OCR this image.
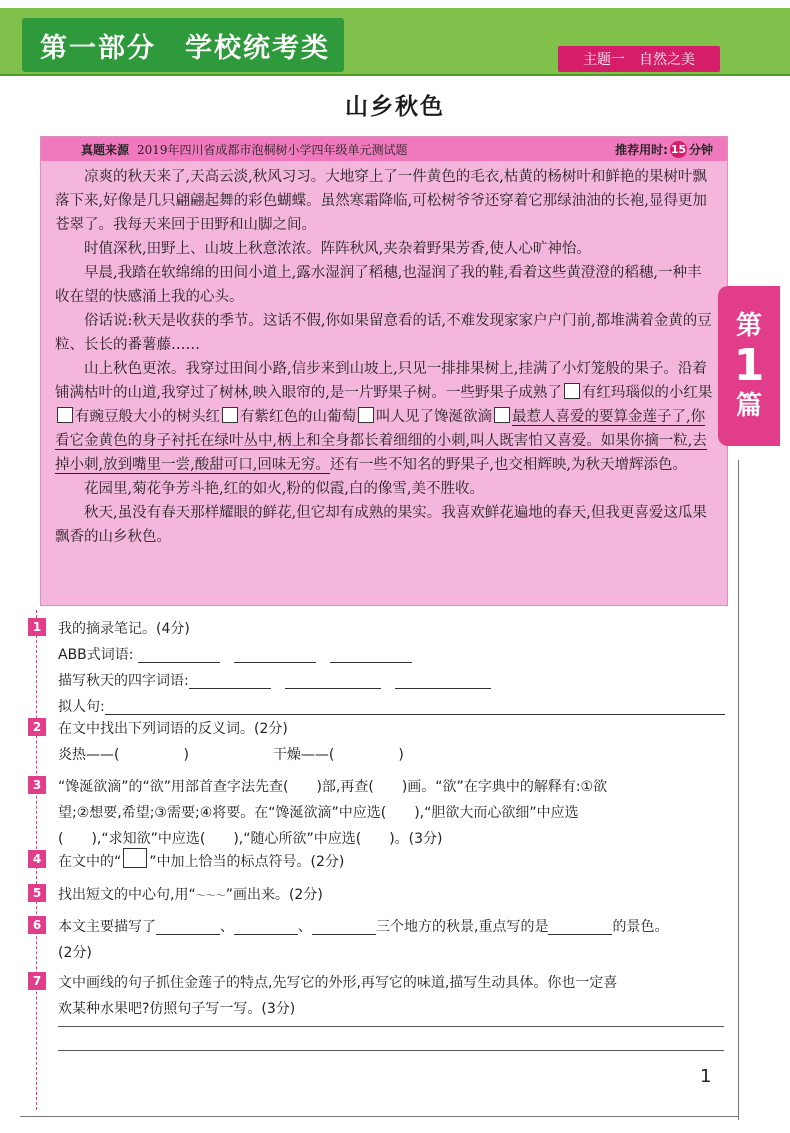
第一部分　学校统考类	主题一　自然之美
山乡秋色
真题来源 2019年四川省成都市泡桐树小学四年级单元测试题	推荐用时: 15 分钟

凉爽的秋天来了,天高云淡,秋风习习。大地穿上了一件黄色的毛衣,枯黄的杨树叶和鲜艳的果树叶飘落下来,好像是几只翩翩起舞的彩色蝴蝶。虽然寒霜降临,可松树爷爷还穿着它那绿油油的长袍,显得更加苍翠了。我每天来回于田野和山脚之间。

时值深秋,田野上、山坡上秋意浓浓。阵阵秋风,夹杂着野果芳香,使人心旷神怡。

早晨,我踏在软绵绵的田间小道上,露水湿润了稻穗,也湿润了我的鞋,看着这些黄澄澄的稻穗,一种丰收在望的快感涌上我的心头。

俗话说:秋天是收获的季节。这话不假,你如果留意看的话,不难发现家家户户门前,都堆满着金黄的豆粒、长长的番薯藤……

山上秋色更浓。我穿过田间小路,信步来到山坡上,只见一排排果树上,挂满了小灯笼般的果子。沿着铺满枯叶的山道,我穿过了树林,映入眼帘的,是一片野果子树。一些野果子成熟了 有红玛瑙似的小红果有豌豆般大小的树头红 有紫红色的山葡萄 叫人见了馋涎欲滴 最惹人喜爱的要算金莲子了,你看它金黄色的身子衬托在绿叶丛中,柄上和全身都长着细细的小刺,叫人既害怕又喜爱。如果你摘一粒,去掉小刺,放到嘴里一尝,酸甜可口,回味无穷。还有一些不知名的野果子,也交相辉映,为秋天增辉添色。

花园里,菊花争芳斗艳,红的如火,粉的似霞,白的像雪,美不胜收。

秋天,虽没有春天那样耀眼的鲜花,但它却有成熟的果实。我喜欢鲜花遍地的春天,但我更喜爱这瓜果飘香的山乡秋色。

第
1
篇
1	我的摘录笔记。(4分)
ABB式词语: 　　
描写秋天的四字词语:　　
拟人句:
2	在文中找出下列词语的反义词。(2分)
炎热——(	)	干燥——(	)
3	“馋涎欲滴”的“欲”用部首查字法先查(　　)部,再查(　　)画。“欲”在字典中的解释有:①欲
望;②想要,希望;③需要;④将要。在“馋涎欲滴”中应选(　　),“胆欲大而心欲细”中应选
(　　),“求知欲”中应选(　　),“随心所欲”中应选(　　)。(3分)
4	在文中的“ ”中加上恰当的标点符号。(2分)
5	找出短文的中心句,用“～～～”画出来。(2分)
6	本文主要描写了	、	、	三个地方的秋景,重点写的是	的景色。
(2分)
7	文中画线的句子抓住金莲子的特点,先写它的外形,再写它的味道,描写生动具体。你也一定喜
欢某种水果吧?仿照句子写一写。(3分)
1
